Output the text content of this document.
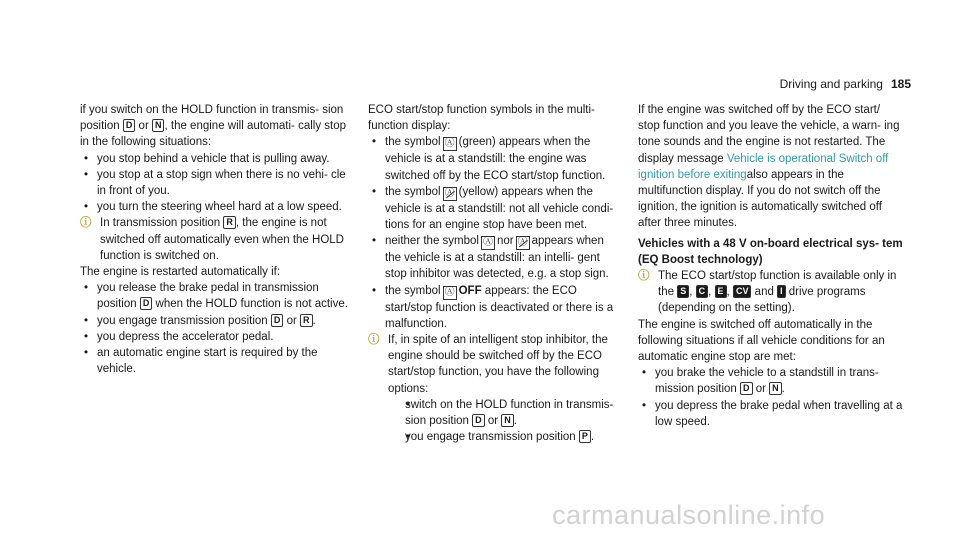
Driving and parking 185

if you switch on the HOLD function in transmis- sion position D or N , the engine will automati- cally stop in the following situations:

• you stop behind a vehicle that is pulling away.
• you stop at a stop sign when there is no vehi- cle in front of you.
• you turn the steering wheel hard at a low speed.
ⓘ In transmission position R , the engine is not switched off automatically even when the HOLD function is switched on.

The engine is restarted automatically if:

• you release the brake pedal in transmission position D when the HOLD function is not active.
• you engage transmission position D or R .
• you depress the accelerator pedal.
• an automatic engine start is required by the vehicle.

ECO start/stop function symbols in the multi- function display:

• the symbol Ⓐ (green) appears when the vehicle is at a standstill: the engine was switched off by the ECO start/stop function.
• the symbol Ⓐ (yellow) appears when the vehicle is at a standstill: not all vehicle condi- tions for an engine stop have been met.
• neither the symbol Ⓐ nor Ⓐ appears when the vehicle is at a standstill: an intelli- gent stop inhibitor was detected, e.g. a stop sign.
• the symbol Ⓐ OFF appears: the ECO start/stop function is deactivated or there is a malfunction.
ⓘ If, in spite of an intelligent stop inhibitor, the engine should be switched off by the ECO start/stop function, you have the following options:
• switch on the HOLD function in transmis- sion position D or N .
• you engage transmission position P .

If the engine was switched off by the ECO start/ stop function and you leave the vehicle, a warn- ing tone sounds and the engine is not restarted. The display message Vehicle is operational Switch off ignition before exitingalso appears in the multifunction display. If you do not switch off the ignition, the ignition is automatically switched off after three minutes.

Vehicles with a 48 V on-board electrical sys- tem (EQ Boost technology)
ⓘ The ECO start/stop function is available only in the S , C , E , CV and I drive programs (depending on the setting).

The engine is switched off automatically in the following situations if all vehicle conditions for an automatic engine stop are met:

• you brake the vehicle to a standstill in trans- mission position D or N .
• you depress the brake pedal when travelling at a low speed.
carmanualsonline.info
